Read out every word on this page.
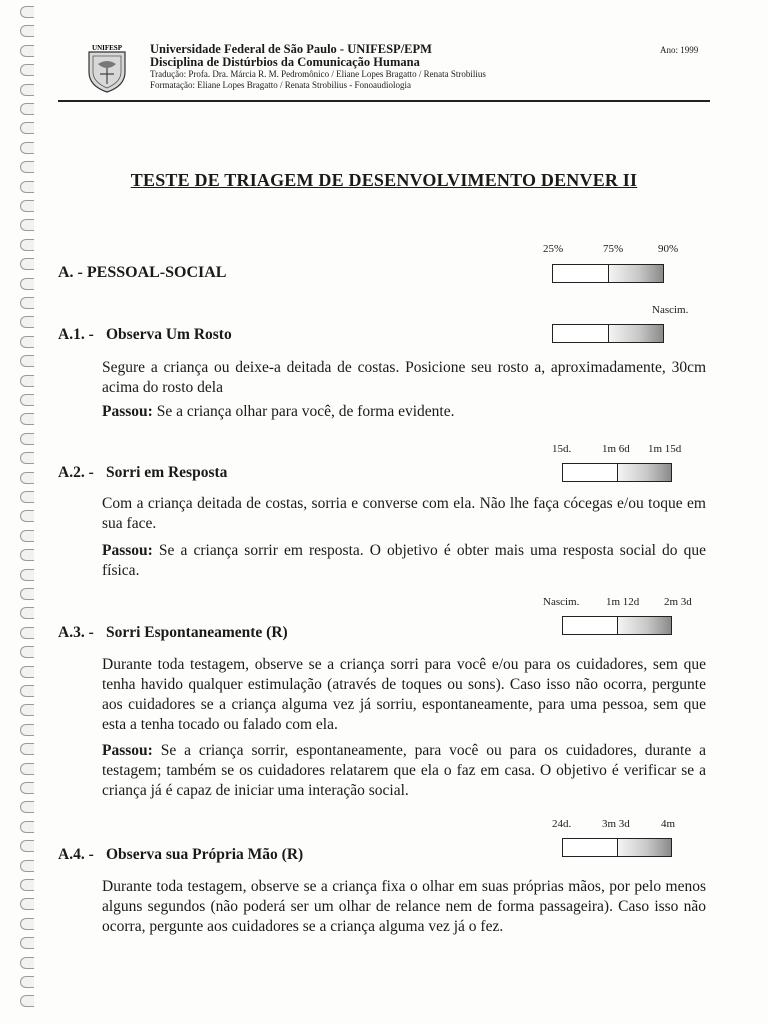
UNIFESP Universidade Federal de São Paulo - UNIFESP/EPM
Disciplina de Distúrbios da Comunicação Humana
Tradução: Profa. Dra. Márcia R. M. Pedromônico / Eliane Lopes Bragatto / Renata Strobilius
Formatação: Eliane Lopes Bragatto / Renata Strobilius - Fonoaudiologia
Ano: 1999
TESTE DE TRIAGEM DE DESENVOLVIMENTO DENVER II
25%	75%	90%
A. - PESSOAL-SOCIAL
Nascim.
A.1. - Observa Um Rosto
Segure a criança ou deixe-a deitada de costas. Posicione seu rosto a, aproximadamente, 30cm acima do rosto dela
Passou: Se a criança olhar para você, de forma evidente.
15d.	1m 6d 1m 15d
A.2. - Sorri em Resposta
Com a criança deitada de costas, sorria e converse com ela. Não lhe faça cócegas e/ou toque em sua face.
Passou: Se a criança sorrir em resposta. O objetivo é obter mais uma resposta social do que física.
Nascim. 1m 12d 2m 3d
A.3. - Sorri Espontaneamente (R)
Durante toda testagem, observe se a criança sorri para você e/ou para os cuidadores, sem que tenha havido qualquer estimulação (através de toques ou sons). Caso isso não ocorra, pergunte aos cuidadores se a criança alguma vez já sorriu, espontaneamente, para uma pessoa, sem que esta a tenha tocado ou falado com ela.
Passou: Se a criança sorrir, espontaneamente, para você ou para os cuidadores, durante a testagem; também se os cuidadores relatarem que ela o faz em casa. O objetivo é verificar se a criança já é capaz de iniciar uma interação social.
24d.	3m 3d	4m
A.4. - Observa sua Própria Mão (R)
Durante toda testagem, observe se a criança fixa o olhar em suas próprias mãos, por pelo menos alguns segundos (não poderá ser um olhar de relance nem de forma passageira). Caso isso não ocorra, pergunte aos cuidadores se a criança alguma vez já o fez.
